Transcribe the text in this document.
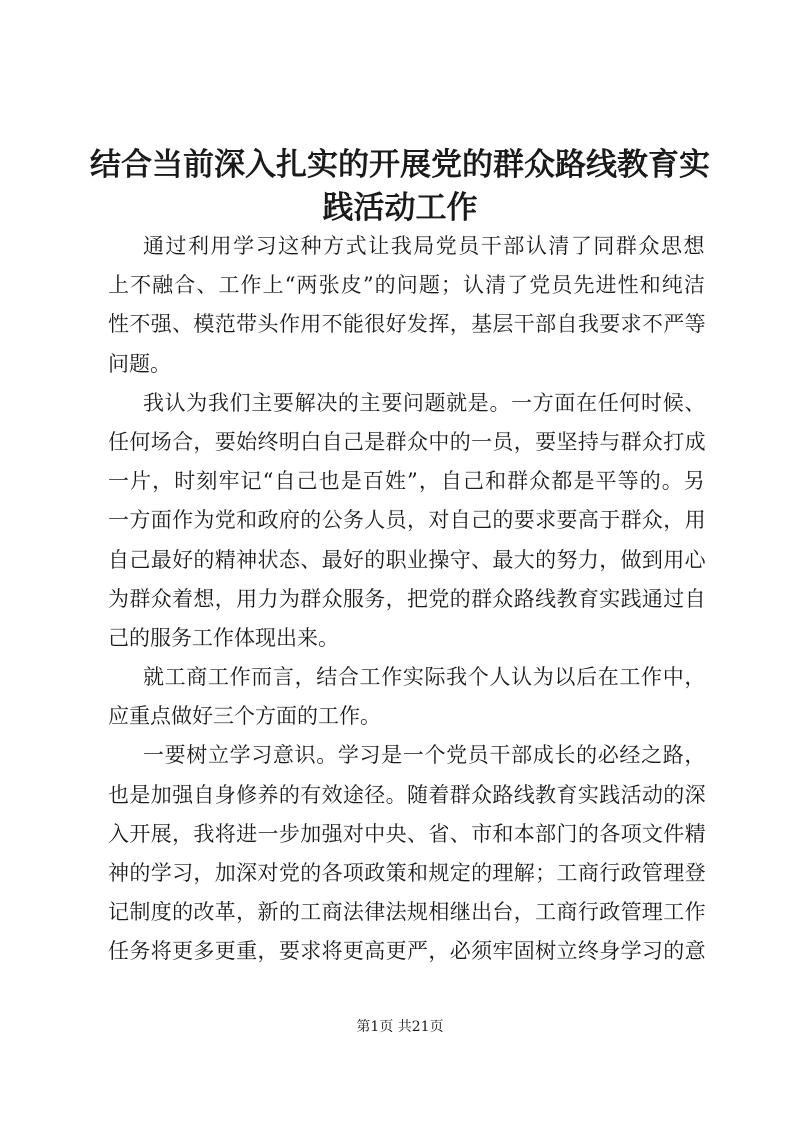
结合当前深入扎实的开展党的群众路线教育实
践活动工作
通过利用学习这种方式让我局党员干部认清了同群众思想
上不融合、工作上“两张皮”的问题；认清了党员先进性和纯洁
性不强、模范带头作用不能很好发挥，基层干部自我要求不严等
问题。
我认为我们主要解决的主要问题就是。一方面在任何时候、
任何场合，要始终明白自己是群众中的一员，要坚持与群众打成
一片，时刻牢记“自己也是百姓”，自己和群众都是平等的。另
一方面作为党和政府的公务人员，对自己的要求要高于群众，用
自己最好的精神状态、最好的职业操守、最大的努力，做到用心
为群众着想，用力为群众服务，把党的群众路线教育实践通过自
己的服务工作体现出来。
就工商工作而言，结合工作实际我个人认为以后在工作中，
应重点做好三个方面的工作。
一要树立学习意识。学习是一个党员干部成长的必经之路，
也是加强自身修养的有效途径。随着群众路线教育实践活动的深
入开展，我将进一步加强对中央、省、市和本部门的各项文件精
神的学习，加深对党的各项政策和规定的理解；工商行政管理登
记制度的改革，新的工商法律法规相继出台，工商行政管理工作
任务将更多更重，要求将更高更严，必须牢固树立终身学习的意
第1页 共21页
